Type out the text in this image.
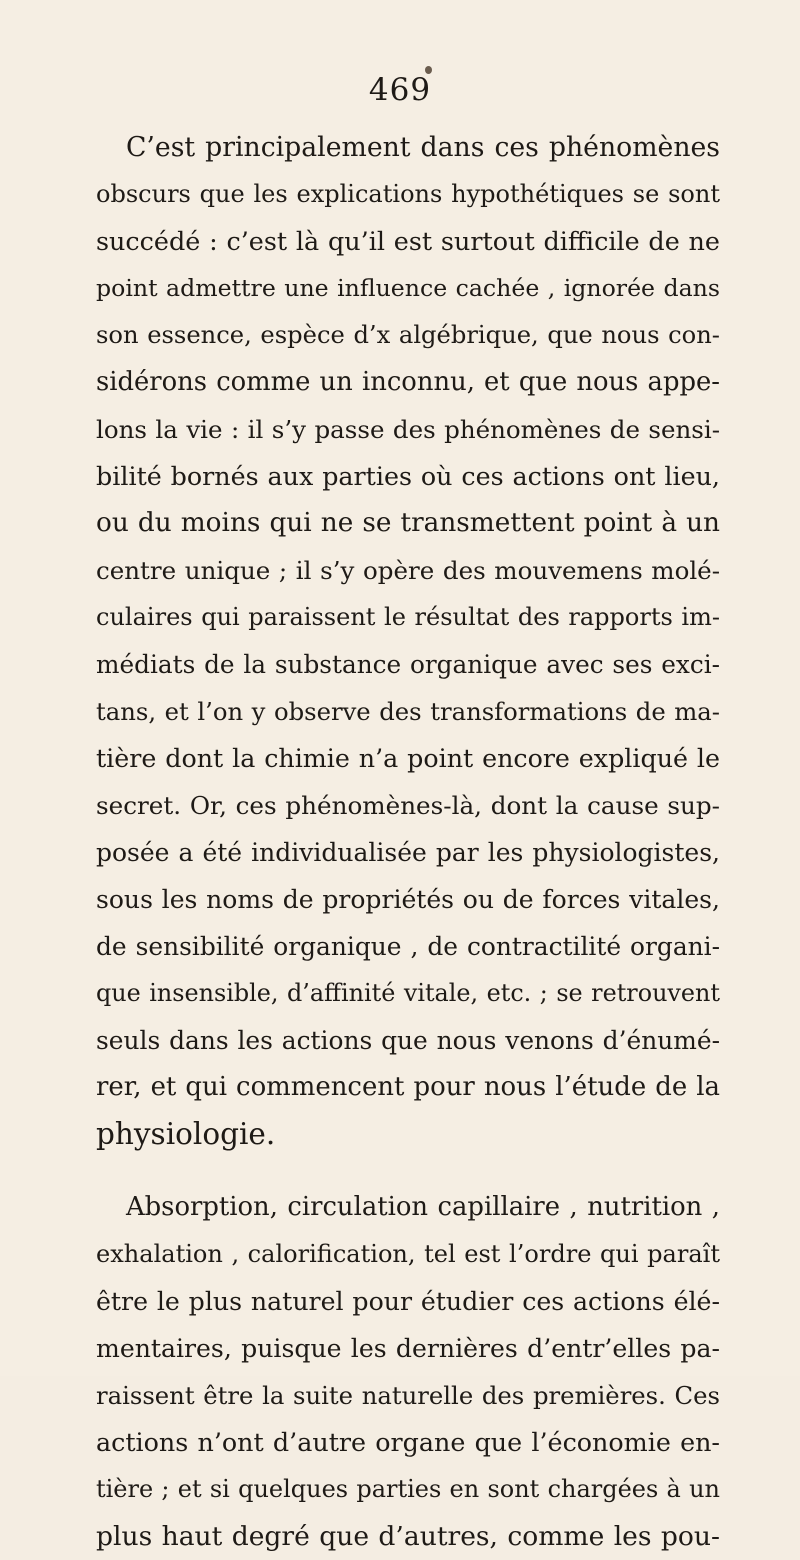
469
C’est principalement dans ces phénomènes
obscurs que les explications hypothétiques se sont
succédé : c’est là qu’il est surtout difficile de ne
point admettre une influence cachée , ignorée dans
son essence, espèce d’x algébrique, que nous con-
sidérons comme un inconnu, et que nous appe-
lons la vie : il s’y passe des phénomènes de sensi-
bilité bornés aux parties où ces actions ont lieu,
ou du moins qui ne se transmettent point à un
centre unique ; il s’y opère des mouvemens molé-
culaires qui paraissent le résultat des rapports im-
médiats de la substance organique avec ses exci-
tans, et l’on y observe des transformations de ma-
tière dont la chimie n’a point encore expliqué le
secret. Or, ces phénomènes-là, dont la cause sup-
posée a été individualisée par les physiologistes,
sous les noms de propriétés ou de forces vitales,
de sensibilité organique , de contractilité organi-
que insensible, d’affinité vitale, etc. ; se retrouvent
seuls dans les actions que nous venons d’énumé-
rer, et qui commencent pour nous l’étude de la
physiologie.
Absorption, circulation capillaire , nutrition ,
exhalation , calorification, tel est l’ordre qui paraît
être le plus naturel pour étudier ces actions élé-
mentaires, puisque les dernières d’entr’elles pa-
raissent être la suite naturelle des premières. Ces
actions n’ont d’autre organe que l’économie en-
tière ; et si quelques parties en sont chargées à un
plus haut degré que d’autres, comme les pou-
